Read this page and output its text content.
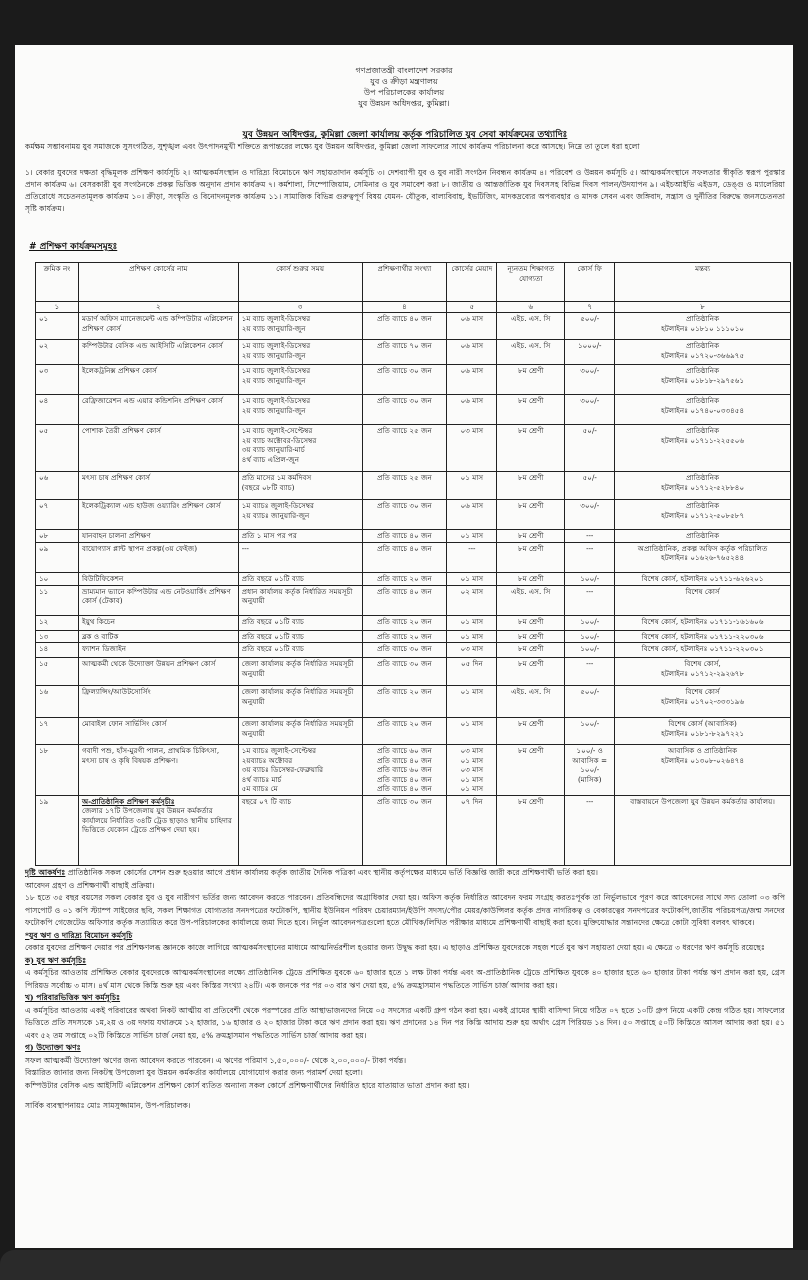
গণপ্রজাতন্ত্রী বাংলাদেশ সরকার
যুব ও ক্রীড়া মন্ত্রণালয়
উপ পরিচালকের কার্যালয়
যুব উন্নয়ন অধিদপ্তর, কুমিল্লা।
যুব উন্নয়ন অধিদপ্তর, কুমিল্লা জেলা কার্যালয় কর্তৃক পরিচালিত যুব সেবা কার্যক্রমের তথ্যাদিঃ
কর্মক্ষম সম্ভাবনাময় যুব সমাজকে সুসংগঠিত, সুশৃঙ্খল এবং উৎপাদনমুখী শক্তিতে রূপান্তরের লক্ষ্যে যুব উন্নয়ন অধিদপ্তর, কুমিল্লা জেলা সাফল্যের সাথে কার্যক্রম পরিচালনা করে আসছে। নিম্নে তা তুলে ধরা হলো
১। বেকার যুবদের দক্ষতা বৃদ্ধিমূলক প্রশিক্ষণ কার্যসূচি ২। আত্মকর্মসংস্থান ও দারিদ্র্য বিমোচনে ঋণ সহায়তাদান কর্মসূচি ৩। দেশব্যাপী যুব ও যুব নারী সংগঠন নিবন্ধন কার্যক্রম ৪। পরিবেশ ও উন্নয়ন কর্মসূচি ৫। আত্মকর্মসংস্থানে সফলতার স্বীকৃতি স্বরূপ পুরস্কার প্রদান কার্যক্রম ৬। বেসরকারী যুব সংগঠনকে প্রকল্প ভিত্তিক অনুদান প্রদান কার্যক্রম ৭। কর্মশালা, সিম্পোজিয়াম, সেমিনার ও যুব সমাবেশ করা ৮। জাতীয় ও আন্তর্জাতিক যুব দিবসসহ বিভিন্ন দিবস পালন/উদযাপন ৯। এইচআইভি এইডস, ডেঙ্গু ও ম্যালেরিয়া প্রতিরোধে সচেতনতামূলক কার্যক্রম ১০। ক্রীড়া, সংস্কৃতি ও বিনোদনমূলক কার্যক্রম ১১। সামাজিক বিভিন্ন গুরুত্বপূর্ণ বিষয় যেমন- যৌতুক, বাল্যবিবাহ, ইভটিজিং, মাদকদ্রব্যের অপব্যবহার ও মাদক সেবন এবং জঙ্গিবাদ, সন্ত্রাস ও দুর্নীতির বিরুদ্ধে জনসচেতনতা সৃষ্টি কার্যক্রম।
# প্রশিক্ষণ কার্যক্রমসমূহঃ
ক্রমিক নং	প্রশিক্ষণ কোর্সের নাম	কোর্স শুরুর সময়	প্রশিক্ষণার্থীর সংখ্যা	কোর্সের মেয়াদ	ন্যূনতম শিক্ষাগত যোগ্যতা	কোর্স ফি	মন্তব্য
১	২	৩	৪	৫	৬	৭	৮
০১	মডার্ণ অফিস ম্যানেজমেন্ট এন্ড কম্পিউটার এপ্লিকেশন প্রশিক্ষণ কোর্স	১ম ব্যাচ জুলাই-ডিসেম্বর
২য় ব্যাচ জানুয়ারি-জুন	প্রতি ব্যাচে ৪০ জন	০৬ মাস	এইচ. এস. সি	৫০০/-	প্রাতিষ্ঠানিক
হটলাইনঃ ০১৮১০ ১১১০১০
০২	কম্পিউটার বেসিক এন্ড আইসিটি এপ্লিকেশন কোর্স	১ম ব্যাচ জুলাই-ডিসেম্বর
২য় ব্যাচ জানুয়ারি-জুন	প্রতি ব্যাচে ৭০ জন	০৬ মাস	এইচ. এস. সি	১০০০/-	প্রাতিষ্ঠানিক
হটলাইনঃ ০১৭২০-৩৬৬৯৭৫
০৩	ইলেকট্রনিক্স প্রশিক্ষণ কোর্স	১ম ব্যাচ জুলাই-ডিসেম্বর
২য় ব্যাচ জানুয়ারি-জুন	প্রতি ব্যাচে ৩০ জন	০৬ মাস	৮ম শ্রেণী	৩০০/-	প্রাতিষ্ঠানিক
হটলাইনঃ ০১৮১৮-২৯৭৫৬১
০৪	রেফ্রিজারেশন এন্ড এয়ার কন্ডিশনিং প্রশিক্ষণ কোর্স	১ম ব্যাচ জুলাই-ডিসেম্বর
২য় ব্যাচ জানুয়ারি-জুন	প্রতি ব্যাচে ৩০ জন	০৬ মাস	৮ম শ্রেণী	৩০০/-	প্রাতিষ্ঠানিক
হটলাইনঃ ০১৭৪০-০৩৩৪৫৪
০৫	পোশাক তৈরী প্রশিক্ষণ কোর্স	১ম ব্যাচ জুলাই-সেপ্টেম্বর
২য় ব্যাচ অক্টোবর-ডিসেম্বর
৩য় ব্যাচ জানুয়ারি-মার্চ
৪র্থ ব্যাচ এপ্রিল-জুন	প্রতি ব্যাচে ২৫ জন	০৩ মাস	৮ম শ্রেণী	৫০/-	প্রাতিষ্ঠানিক
হটলাইনঃ ০১৭১১-২২৫৫০৬
০৬	মৎস্য চাষ প্রশিক্ষণ কোর্স	প্রতি মাসের ১ম কর্মদিবস
(বছরে ০৮টি ব্যাচ)	প্রতি ব্যাচে ২৫ জন	০১ মাস	৮ম শ্রেণী	৫০/-	প্রাতিষ্ঠানিক
হটলাইনঃ ০১৭১২-৫২৮৮৪০
০৭	ইলেকট্রিক্যাল এন্ড হাউজ ওয়্যারিং প্রশিক্ষণ কোর্স	১ম ব্যাচঃ জুলাই-ডিসেম্বর
২য় ব্যাচঃ জানুয়ারি-জুন	প্রতি ব্যাচে ৩০ জন	০৬ মাস	৮ম শ্রেণী	৩০০/-	প্রাতিষ্ঠানিক
হটলাইনঃ ০১৭১২-৫০৮৫৮৭
০৮	যানবাহন চালনা প্রশিক্ষণ	প্রতি ১ মাস পর পর	প্রতি ব্যাচে ৪০ জন	০১ মাস	৮ম শ্রেণী	---	প্রাতিষ্ঠানিক
০৯	বায়োগ্যাস প্লান্ট স্থাপন প্রকল্প(৩য় ফেইজ)	---	প্রতি ব্যাচে ৪০ জন	---	৮ম শ্রেণী	---	অপ্রাতিষ্ঠানিক, প্রকল্প অফিস কর্তৃক পরিচালিত
হটলাইনঃ ০১৬২৬-৭৬৫২৪৪
১০	বিউটিফিকেশন	প্রতি বছরে ০১টি ব্যাচ	প্রতি ব্যাচে ২০ জন	০১ মাস	৮ম শ্রেণী	১০০/-	বিশেষ কোর্স, হটলাইনঃ ০১৭১১-৬২৬২০১
১১	ভ্রাম্যমান ভ্যানে কম্পিউটার এন্ড নেটওয়ার্কিং প্রশিক্ষণ কোর্স (টেকাব)	প্রধান কার্যালয় কর্তৃক নির্ধারিত সময়সূচী অনুযায়ী	প্রতি ব্যাচে ৪০ জন	০২ মাস	এইচ. এস. সি	---	বিশেষ কোর্স
১২	ইয়ুথ কিচেন	প্রতি বছরে ০১টি ব্যাচ	প্রতি ব্যাচে ২০ জন	০১ মাস	৮ম শ্রেণী	১০০/-	বিশেষ কোর্স, হটলাইনঃ ০১৭১১-১৬১৬০৬
১৩	ব্লক ও বাটিক	প্রতি বছরে ০১টি ব্যাচ	প্রতি ব্যাচে ২০ জন	০১ মাস	৮ম শ্রেণী	১০০/-	বিশেষ কোর্স, হটলাইনঃ ০১৭১১-২২০৩০৬
১৪	ফ্যাশন ডিজাইন	প্রতি বছরে ০১টি ব্যাচ	প্রতি ব্যাচে ৩০ জন	০৩ মাস	৮ম শ্রেণী	১০০/-	বিশেষ কোর্স, হটলাইনঃ ০১৭১১-২২০৩০১
১৫	আত্মকর্মী থেকে উদ্যোক্তা উন্নয়ন প্রশিক্ষণ কোর্স	জেলা কার্যালয় কর্তৃক নির্ধারিত সময়সূচী অনুযায়ী	প্রতি ব্যাচে ৩০ জন	০৫ দিন	৮ম শ্রেণী	---	বিশেষ কোর্স,
হটলাইনঃ ০১৭১২-২৯২৬৭৮
১৬	ফ্রিল্যান্সিং/আউটসোর্সিং	জেলা কার্যালয় কর্তৃক নির্ধারিত সময়সূচী অনুযায়ী	প্রতি ব্যাচে ২০ জন	০১ মাস	এইচ. এস. সি	৫০০/-	বিশেষ কোর্স
হটলাইনঃ ০১৭০২-৩৩৩১৯৬
১৭	মোবাইল ফোন সার্ভিসিং কোর্স	জেলা কার্যালয় কর্তৃক নির্ধারিত সময়সূচী অনুযায়ী	প্রতি ব্যাচে ২০ জন	০১ মাস	৮ম শ্রেণী	১০০/-	বিশেষ কোর্স (আবাসিক)
হটলাইনঃ ০১৮১-৮২৯৭২২১
১৮	গবাদী পশু, হাঁস-মুরগী পালন, প্রাথমিক চিকিৎসা, মৎস্য চাষ ও কৃষি বিষয়ক প্রশিক্ষণ।	১ম ব্যাচঃ জুলাই-সেপ্টেম্বর
২য়ব্যাচঃ অক্টোবর
৩য় ব্যাচঃ ডিসেম্বর-ফেব্রুয়ারি
৪র্থ ব্যাচঃ মার্চ
৫ম ব্যাচঃ মে	প্রতি ব্যাচে ৬০ জন
প্রতি ব্যাচে ৪০ জন
প্রতি ব্যাচে ৬০ জন
প্রতি ব্যাচে ৪০ জন
প্রতি ব্যাচে ৪০ জন	০৩ মাস
০১ মাস
০৩ মাস
০১ মাস
০১ মাস	৮ম শ্রেণী	১০০/- ও
আবাসিক =
১০০/-
(মাসিক)	আবাসিক ও প্রাতিষ্ঠানিক
হটলাইনঃ ০১৩০৮-০২৬৪৭৪
১৯	অ-প্রাতিষ্ঠানিক প্রশিক্ষণ কর্মসূচীঃ
জেলার ১৭টি উপজেলায় যুব উন্নয়ন কর্মকর্তার কার্যালয়ে নির্ধারিত ৩৪টি ট্রেড ছাড়াও স্থানীয় চাহিদার ভিত্তিতে যেকোন ট্রেডে প্রশিক্ষণ দেয়া হয়।	বছরে ০৭ টি ব্যাচ	প্রতি ব্যাচে ৩০ জন	০৭ দিন	৮ম শ্রেণী	---	বাস্তবায়নে উপজেলা যুব উন্নয়ন কর্মকর্তার কার্যালয়।

দৃষ্টি আকর্ষণঃ প্রাতিষ্ঠানিক সকল কোর্সের সেশন শুরু হওয়ার আগে প্রধান কার্যালয় কর্তৃক জাতীয় দৈনিক পত্রিকা এবং স্থানীয় কর্তৃপক্ষের মাধ্যমে ভর্তি বিজ্ঞপ্তি জারী করে প্রশিক্ষণার্থী ভর্তি করা হয়।

আবেদন গ্রহণ ও প্রশিক্ষণার্থী বাছাই প্রক্রিয়া।

১৮ হতে ৩৫ বছর বয়সের সকল বেকার যুব ও যুব নারীগণ ভর্তির জন্য আবেদন করতে পারবেন। প্রতিবন্ধিদের অগ্রাধিকার দেয়া হয়। অফিস কর্তৃক নির্ধারিত আবেদন ফরম সংগ্রহ করতঃপূর্বক তা নির্ভুলভাবে পূরণ করে আবেদনের সাথে সদ্য তোলা ০৩ কপি পাসপোর্ট ও ০১ কপি স্ট্যাম্প সাইজের ছবি, সকল শিক্ষাগত যোগ্যতার সনদপত্রের ফটোকপি, স্থানীয় ইউনিয়ন পরিষদ চেয়ারম্যান/ইউপি সদস্য/পৌর মেয়র/কাউন্সিলর কর্তৃক প্রদত্ত নাগরিকত্ব ও বেকারত্বের সনদপত্রের ফটোকপি,জাতীয় পরিচয়পত্র/জন্ম সনদের ফটোকপি গেজেটেড অফিসার কর্তৃক সত্যায়িত করে উপ-পরিচালকের কার্যালয়ে জমা দিতে হবে। নির্ভুল আবেদনপত্রগুলো হতে মৌখিক/লিখিত পরীক্ষার মাধ্যমে প্রশিক্ষণার্থী বাছাই করা হবে। মুক্তিযোদ্ধার সন্তানদের ক্ষেত্রে কোটা সুবিধা বলবৎ থাকবে।

*যুব ঋণ ও দারিদ্র্য বিমোচন কর্মসূচি

বেকার যুবদের প্রশিক্ষণ দেয়ার পর প্রশিক্ষণলব্ধ জ্ঞানকে কাজে লাগিয়ে আত্মকর্মসংস্থানের মাধ্যমে আত্মনির্ভরশীল হওয়ার জন্য উদ্বুদ্ধ করা হয়। এ ছাড়াও প্রশিক্ষিত যুবদেরকে সহজ শর্তে যুব ঋণ সহায়তা দেয়া হয়। এ ক্ষেত্রে ৩ ধরণের ঋণ কর্মসূচি রয়েছেঃ

ক) যুব ঋণ কর্মসূচিঃ

এ কর্মসূচির আওতায় প্রশিক্ষিত বেকার যুবদেরকে আত্মকর্মসংস্থানের লক্ষ্যে প্রাতিষ্ঠানিক ট্রেডে প্রশিক্ষিত যুবকে ৬০ হাজার হতে ১ লক্ষ টাকা পর্যন্ত এবং অ-প্রাতিষ্ঠানিক ট্রেডে প্রশিক্ষিত যুবকে ৪০ হাজার হতে ৬০ হাজার টাকা পর্যন্ত ঋণ প্রদান করা হয়, গ্রেস পিরিয়ড সর্বোচ্চ ৩ মাস। ৪র্থ মাস থেকে কিস্তি শুরু হয় এবং কিস্তির সংখ্যা ২৪টি। এক জনকে পর পর ০৩ বার ঋণ দেয়া হয়, ৫% ক্রমহ্রাসমান পদ্ধতিতে সার্ভিস চার্জ আদায় করা হয়।

খ) পরিবারভিত্তিক ঋণ কর্মসূচিঃ

এ কর্মসূচির আওতায় একই পরিবারের অথবা নিকট আত্মীয় বা প্রতিবেশী থেকে পরস্পরের প্রতি আস্থাভাজনদের নিয়ে ০৫ সদস্যের একটি গ্রুপ গঠন করা হয়। একই গ্রামের স্থায়ী বাসিন্দা নিয়ে গঠিত ০৭ হতে ১০টি গ্রুপ নিয়ে একটি কেন্দ্র গঠিত হয়। সাফল্যের ভিত্তিতে প্রতি সদস্যকে ১ম,২য় ও ৩য় দফায় যথাক্রমে ১২ হাজার, ১৬ হাজার ও ২০ হাজার টাকা করে ঋণ প্রদান করা হয়। ঋণ প্রদানের ১৪ দিন পর কিস্তি আদায় শুরু হয় অর্থাৎ গ্রেস পিরিয়ড ১৪ দিন। ৫০ সপ্তাহে ৫০টি কিস্তিতে আসল আদায় করা হয়। ৫১ এবং ৫২ তম সপ্তাহে ০২টি কিস্তিতে সার্ভিস চার্জ নেয়া হয়, ৫% ক্রমহ্রাসমান পদ্ধতিতে সার্ভিস চার্জ আদায় করা হয়।

গ) উদ্যোক্তা ঋণঃ

সফল আত্মকর্মী উদ্যোক্তা ঋণের জন্য আবেদন করতে পারবেন। এ ঋণের পরিমাণ ১,৫০,০০০/- থেকে ২,০০,০০০/- টাকা পর্যন্ত।

বিস্তারিত জানার জন্য নিকটস্থ উপজেলা যুব উন্নয়ন কর্মকর্তার কার্যালয়ে যোগাযোগ করার জন্য পরামর্শ দেয়া হলো।

কম্পিউটার বেসিক এন্ড আইসিটি এপ্লিকেশন প্রশিক্ষণ কোর্স ব্যতিত অন্যান্য সকল কোর্সে প্রশিক্ষণার্থীদের নির্ধারিত হারে যাতায়াত ভাতা প্রদান করা হয়।

সার্বিক ব্যবস্থাপনায়ঃ মোঃ সামসুজ্জামান, উপ-পরিচালক।
